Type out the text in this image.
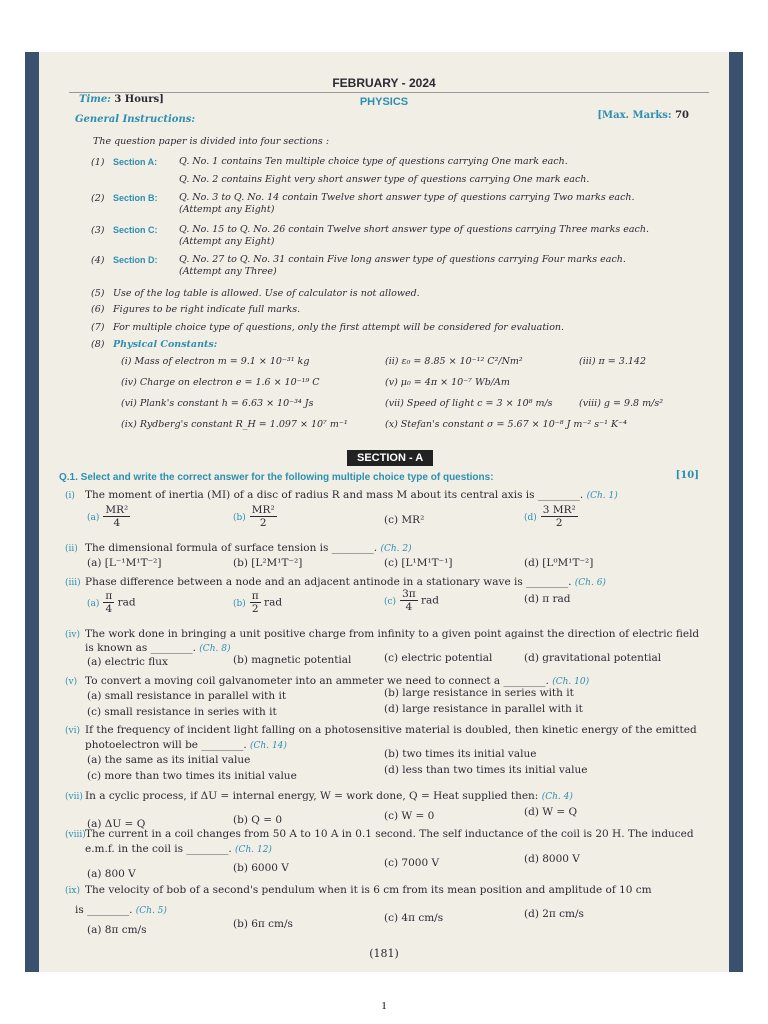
FEBRUARY - 2024
Time: 3 Hours]	PHYSICS
[Max. Marks: 70
General Instructions:
The question paper is divided into four sections :
(1) Section A: Q. No. 1 contains Ten multiple choice type of questions carrying One mark each.
Q. No. 2 contains Eight very short answer type of questions carrying One mark each.
(2) Section B: Q. No. 3 to Q. No. 14 contain Twelve short answer type of questions carrying Two marks each.
(Attempt any Eight)
(3) Section C: Q. No. 15 to Q. No. 26 contain Twelve short answer type of questions carrying Three marks each.
(Attempt any Eight)
(4) Section D: Q. No. 27 to Q. No. 31 contain Five long answer type of questions carrying Four marks each.
(Attempt any Three)
(5) Use of the log table is allowed. Use of calculator is not allowed.
(6) Figures to be right indicate full marks.
(7) For multiple choice type of questions, only the first attempt will be considered for evaluation.
(8) Physical Constants:
(i) Mass of electron m = 9.1 × 10⁻³¹ kg	(ii) ε₀ = 8.85 × 10⁻¹² C²/Nm²	(iii) π = 3.142
(iv) Charge on electron e = 1.6 × 10⁻¹⁹ C	(v) μ₀ = 4π × 10⁻⁷ Wb/Am
(vi) Plank's constant h = 6.63 × 10⁻³⁴ Js	(vii) Speed of light c = 3 × 10⁸ m/s	(viii) g = 9.8 m/s²
(ix) Rydberg's constant R_H = 1.097 × 10⁷ m⁻¹	(x) Stefan's constant σ = 5.67 × 10⁻⁸ J m⁻² s⁻¹ K⁻⁴
SECTION - A
Q.1. Select and write the correct answer for the following multiple choice type of questions:	[10]
(i) The moment of inertia (MI) of a disc of radius R and mass M about its central axis is ________. (Ch. 1)
$(a) \frac{\text{MR²}}{4}$	$(b) \frac{\text{MR²}}{2}$	(c) MR²	$(d) \frac{\text{3 MR²}}{2}$
(ii) The dimensional formula of surface tension is ________. (Ch. 2)
(a) [L⁻¹M¹T⁻²]	(b) [L²M¹T⁻²]	(c) [L¹M¹T⁻¹]	(d) [L⁰M¹T⁻²]
(iii) Phase difference between a node and an adjacent antinode in a stationary wave is ________. (Ch. 6)
$(a) \frac{\pi}{4}$ rad	$(b) \frac{\pi}{2}$ rad	$(c) \frac{3\pi}{4}$ rad	(d) π rad
(iv) The work done in bringing a unit positive charge from infinity to a given point against the direction of electric field
is known as ________. (Ch. 8)
(a) electric flux	(b) magnetic potential	(c) electric potential	(d) gravitational potential
(v) To convert a moving coil galvanometer into an ammeter we need to connect a ________. (Ch. 10)
(a) small resistance in parallel with it	(b) large resistance in series with it
(c) small resistance in series with it	(d) large resistance in parallel with it
(vi) If the frequency of incident light falling on a photosensitive material is doubled, then kinetic energy of the emitted
photoelectron will be ________. (Ch. 14)
(a) the same as its initial value	(b) two times its initial value
(c) more than two times its initial value	(d) less than two times its initial value
(vii) In a cyclic process, if ΔU = internal energy, W = work done, Q = Heat supplied then: (Ch. 4)
(a) ΔU = Q	(b) Q = 0	(c) W = 0	(d) W = Q
(viii)The current in a coil changes from 50 A to 10 A in 0.1 second. The self inductance of the coil is 20 H. The induced
e.m.f. in the coil is ________. (Ch. 12)
(a) 800 V	(b) 6000 V	(c) 7000 V	(d) 8000 V
(ix) The velocity of bob of a second's pendulum when it is 6 cm from its mean position and amplitude of 10 cm
is ________. (Ch. 5)
(a) 8π cm/s	(b) 6π cm/s	(c) 4π cm/s	(d) 2π cm/s
(181)
1
